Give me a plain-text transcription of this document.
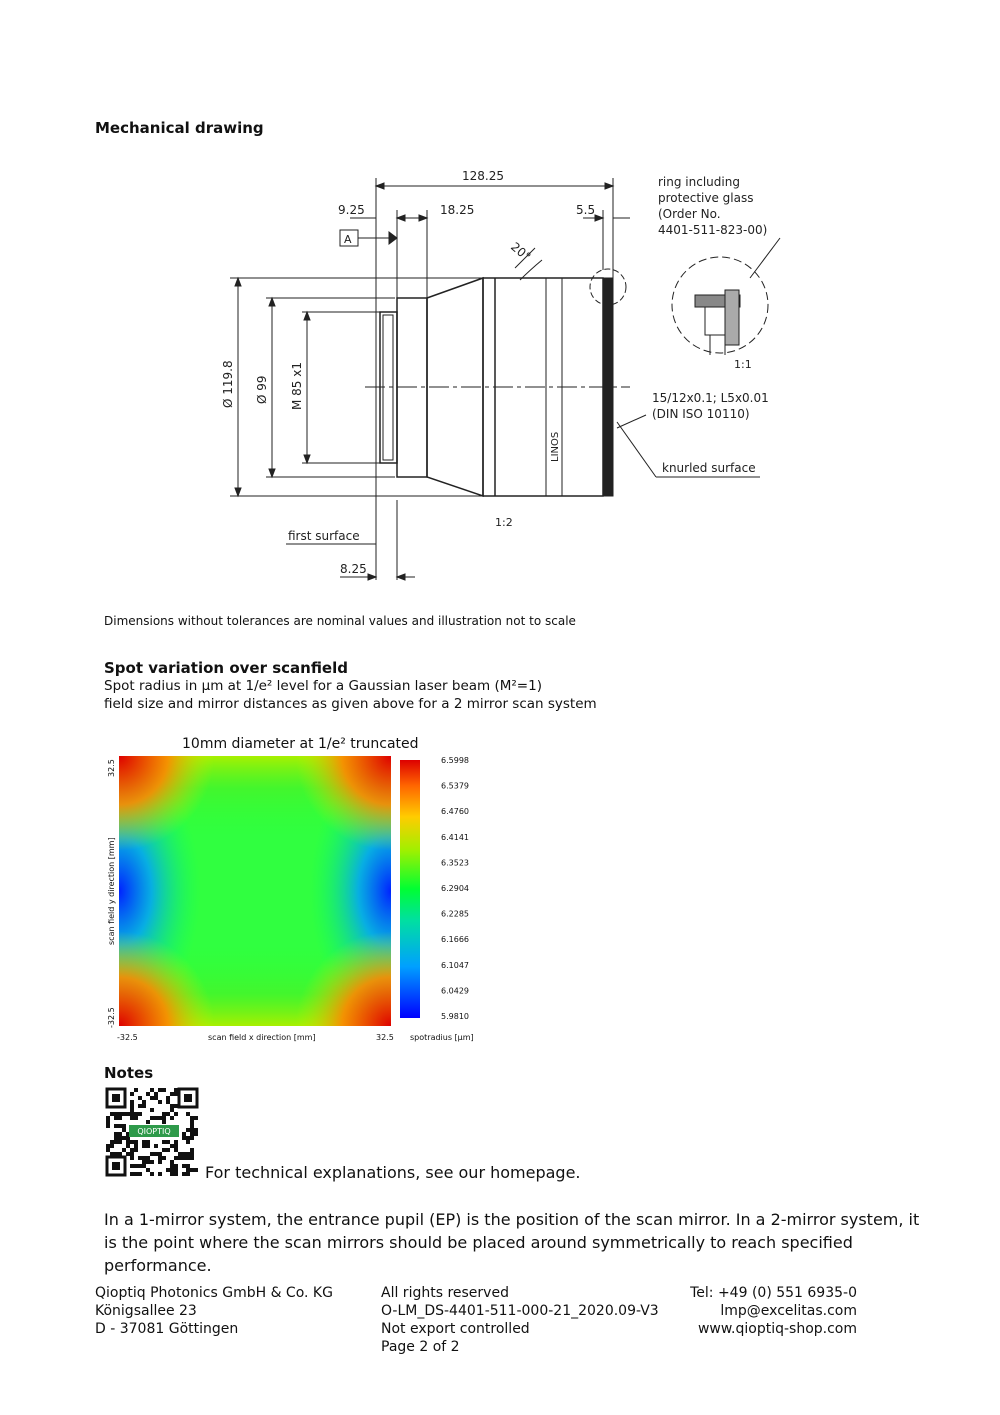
Mechanical drawing
128.25
9.25	18.25	5.5
A
20°
Ø 119.8 Ø 99 M 85 x1
LINOS
1:2
1:1
8.25
first surface
ring including
protective glass
(Order No.
4401-511-823-00)
15/12x0.1; L5x0.01
(DIN ISO 10110)
knurled surface
Dimensions without tolerances are nominal values and illustration not to scale
Spot variation over scanfield
Spot radius in µm at 1/e² level for a Gaussian laser beam (M²=1)
field size and mirror distances as given above for a 2 mirror scan system
10mm diameter at 1/e² truncated
-32.5	32.5
scan field x direction [mm]
-32.5
32.5
scan field y direction [mm]
6.5998
6.5379
6.4760
6.4141
6.3523
6.2904
6.2285
6.1666
6.1047
6.0429
5.9810
spotradius [µm]
Notes
QIOPTIQ
For technical explanations, see our homepage.
In a 1-mirror system, the entrance pupil (EP) is the position of the scan mirror. In a 2-mirror system, it is the point where the scan mirrors should be placed around symmetrically to reach specified performance.
Qioptiq Photonics GmbH & Co. KG
Königsallee 23
D - 37081 Göttingen
All rights reserved
O-LM_DS-4401-511-000-21_2020.09-V3
Not export controlled
Page 2 of 2
Tel: +49 (0) 551 6935-0
lmp@excelitas.com
www.qioptiq-shop.com
